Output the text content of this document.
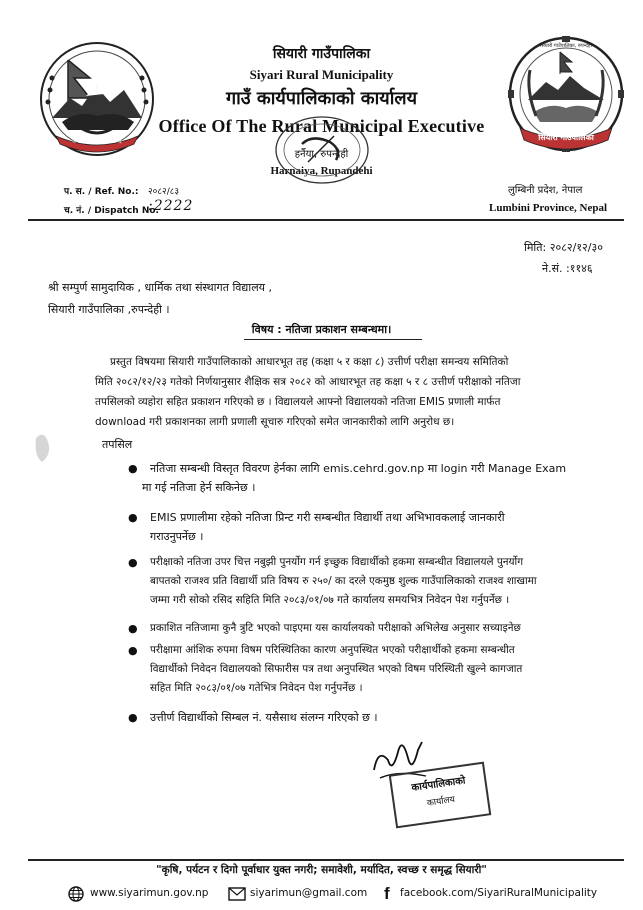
जनता जनार्दनमेव शपथमिदं
सियारी गाउँपालिका, रुपन्देही
२०७३
सियारी गाउँपालिका
सियारी गाउँपालिका
Siyari Rural Municipality
गाउँ कार्यपालिकाको कार्यालय
Office Of The Rural Municipal Executive
हर्नैया, रुपन्देही
Harnaiya, Rupandehi
प. स. / Ref. No.: २०८२/८३
च. नं. / Dispatch No.
:2222
लुम्बिनी प्रदेश, नेपाल
Lumbini Province, Nepal
मिति: २०८२/१२/३०
ने.सं. :११४६
श्री सम्पुर्ण सामुदायिक , धार्मिक तथा संस्थागत विद्यालय ,
सियारी गाउँपालिका ,रुपन्देही ।
विषय : नतिजा प्रकाशन सम्बन्धमा।
प्रस्तुत विषयमा सियारी गाउँपालिकाको आधारभूत तह (कक्षा ५ र कक्षा ८) उत्तीर्ण परीक्षा समन्वय समितिको
मिति २०८२/१२/२३ गतेको निर्णयानुसार शैक्षिक सत्र २०८२ को आधारभूत तह कक्षा ५ र ८ उत्तीर्ण परीक्षाको नतिजा
तपसिलको व्यहोरा सहित प्रकाशन गरिएको छ । विद्यालयले आफ्नो विद्यालयको नतिजा EMIS प्रणाली मार्फत
download गरी प्रकाशनका लागी प्रणाली सूचारु गरिएको समेत जानकारीको लागि अनुरोध छ।
तपसिल
● नतिजा सम्बन्धी विस्तृत विवरण हेर्नका लागि emis.cehrd.gov.np मा login गरी Manage Exam
मा गई नतिजा हेर्न सकिनेछ ।
● EMIS प्रणालीमा रहेको नतिजा प्रिन्ट गरी सम्बन्धीत विद्यार्थी तथा अभिभावकलाई जानकारी
गराउनुपर्नेछ ।
● परीक्षाको नतिजा उपर चित्त नबुझी पुनर्योग गर्न इच्छुक विद्यार्थीको हकमा सम्बन्धीत विद्यालयले पुनर्योग
बापतको राजश्व प्रति विद्यार्थी प्रति विषय रु २५०/ का दरले एकमुष्ठ शुल्क गाउँपालिकाको राजश्व शाखामा
जम्मा गरी सोको रसिद सहिति मिति २०८३/०१/०७ गते कार्यालय समयभित्र निवेदन पेश गर्नुपर्नेछ ।
● प्रकाशित नतिजामा कुनै त्रुटि भएको पाइएमा यस कार्यालयको परीक्षाको अभिलेख अनुसार सच्याइनेछ
● परीक्षामा आंशिक रुपमा विषम परिस्थितिका कारण अनुपस्थित भएको परीक्षार्थीको हकमा सम्बन्धीत
विद्यार्थीको निवेदन विद्यालयको सिफारीस पत्र तथा अनुपस्थित भएको विषम परिस्थिती खुल्ने कागजात
सहित मिति २०८३/०१/०७ गतेभित्र निवेदन पेश गर्नुपर्नेछ ।
● उत्तीर्ण विद्यार्थीको सिम्बल नं. यसैसाथ संलग्न गरिएको छ ।
कार्यपालिकाको
कार्यालय
"कृषि, पर्यटन र दिगो पूर्वाधार युक्त नगरी; समावेशी, मर्यादित, स्वच्छ र समृद्ध सियारी"
www.siyarimun.gov.np	siyarimun@gmail.com f facebook.com/SiyariRuralMunicipality
